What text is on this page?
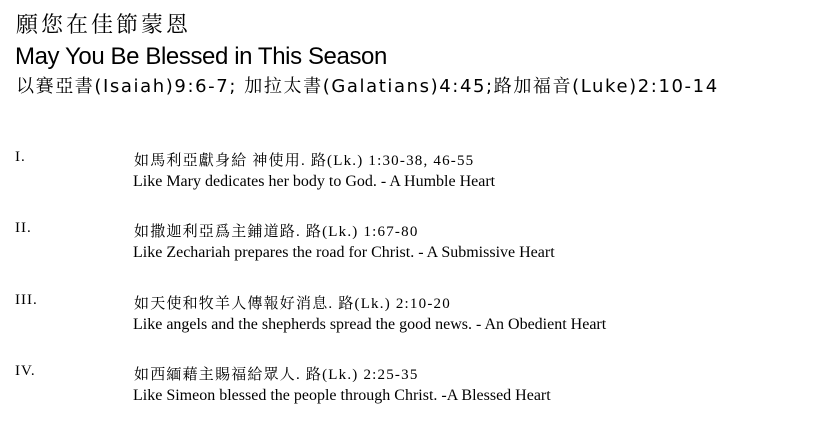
願您在佳節蒙恩
May You Be Blessed in This Season
以賽亞書(Isaiah)9:6-7; 加拉太書(Galatians)4:45;路加福音(Luke)2:10-14
I.	如馬利亞獻身給 神使用. 路(Lk.) 1:30-38, 46-55
Like Mary dedicates her body to God. - A Humble Heart
II.	如撒迦利亞爲主鋪道路. 路(Lk.) 1:67-80
Like Zechariah prepares the road for Christ. - A Submissive Heart
III.	如天使和牧羊人傳報好消息. 路(Lk.) 2:10-20
Like angels and the shepherds spread the good news. - An Obedient Heart
IV.	如西緬藉主賜福給眾人. 路(Lk.) 2:25-35
Like Simeon blessed the people through Christ. -A Blessed Heart
